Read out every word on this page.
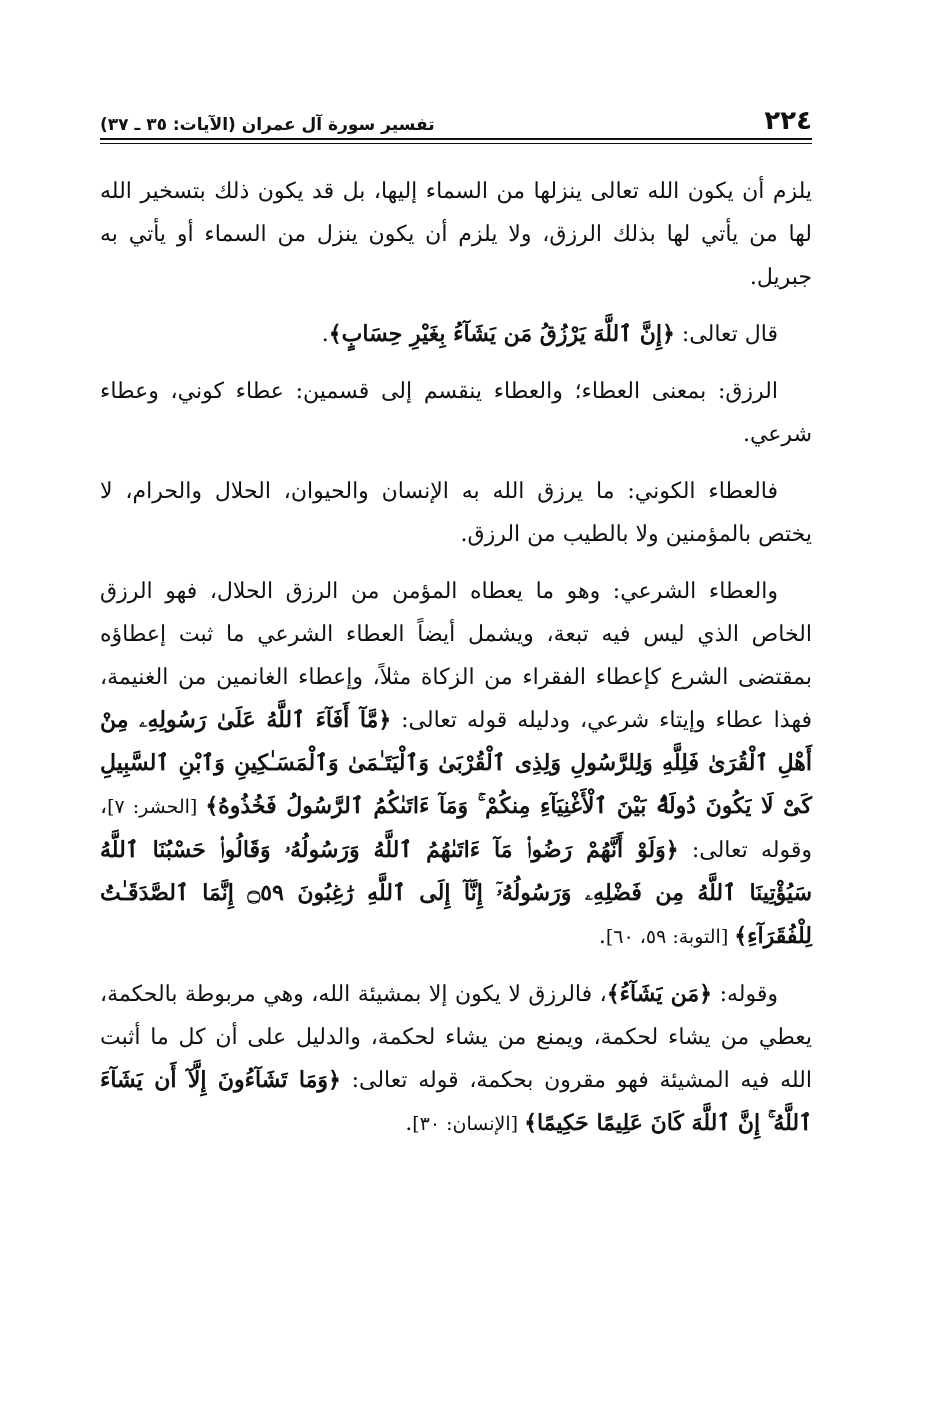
٢٢٤
تفسير سورة آل عمران (الآيات: ٣٥ ـ ٣٧)

يلزم أن يكون الله تعالى ينزلها من السماء إليها، بل قد يكون ذلك بتسخير الله لها من يأتي لها بذلك الرزق، ولا يلزم أن يكون ينزل من السماء أو يأتي به جبريل.

قال تعالى: ﴿إِنَّ ٱللَّهَ يَرْزُقُ مَن يَشَآءُ بِغَيْرِ حِسَابٍ﴾.

الرزق: بمعنى العطاء؛ والعطاء ينقسم إلى قسمين: عطاء كوني، وعطاء شرعي.

فالعطاء الكوني: ما يرزق الله به الإنسان والحيوان، الحلال والحرام، لا يختص بالمؤمنين ولا بالطيب من الرزق.

والعطاء الشرعي: وهو ما يعطاه المؤمن من الرزق الحلال، فهو الرزق الخاص الذي ليس فيه تبعة، ويشمل أيضاً العطاء الشرعي ما ثبت إعطاؤه بمقتضى الشرع كإعطاء الفقراء من الزكاة مثلاً، وإعطاء الغانمين من الغنيمة، فهذا عطاء وإيتاء شرعي، ودليله قوله تعالى: ﴿مَّآ أَفَآءَ ٱللَّهُ عَلَىٰ رَسُولِهِۦ مِنْ أَهْلِ ٱلْقُرَىٰ فَلِلَّهِ وَلِلرَّسُولِ وَلِذِى ٱلْقُرْبَىٰ وَٱلْيَتَـٰمَىٰ وَٱلْمَسَـٰكِينِ وَٱبْنِ ٱلسَّبِيلِ كَىْ لَا يَكُونَ دُولَةًۢ بَيْنَ ٱلْأَغْنِيَآءِ مِنكُمْ ۚ وَمَآ ءَاتَىٰكُمُ ٱلرَّسُولُ فَخُذُوهُ﴾ [الحشر: ٧]، وقوله تعالى: ﴿وَلَوْ أَنَّهُمْ رَضُوا۟ مَآ ءَاتَىٰهُمُ ٱللَّهُ وَرَسُولُهُۥ وَقَالُوا۟ حَسْبُنَا ٱللَّهُ سَيُؤْتِينَا ٱللَّهُ مِن فَضْلِهِۦ وَرَسُولُهُۥٓ إِنَّآ إِلَى ٱللَّهِ رَٰغِبُونَ ۝٥٩ إِنَّمَا ٱلصَّدَقَـٰتُ لِلْفُقَرَآءِ﴾ [التوبة: ٥٩، ٦٠].

وقوله: ﴿مَن يَشَآءُ﴾، فالرزق لا يكون إلا بمشيئة الله، وهي مربوطة بالحكمة، يعطي من يشاء لحكمة، ويمنع من يشاء لحكمة، والدليل على أن كل ما أثبت الله فيه المشيئة فهو مقرون بحكمة، قوله تعالى: ﴿وَمَا تَشَآءُونَ إِلَّآ أَن يَشَآءَ ٱللَّهُ ۚ إِنَّ ٱللَّهَ كَانَ عَلِيمًا حَكِيمًا﴾ [الإنسان: ٣٠].
